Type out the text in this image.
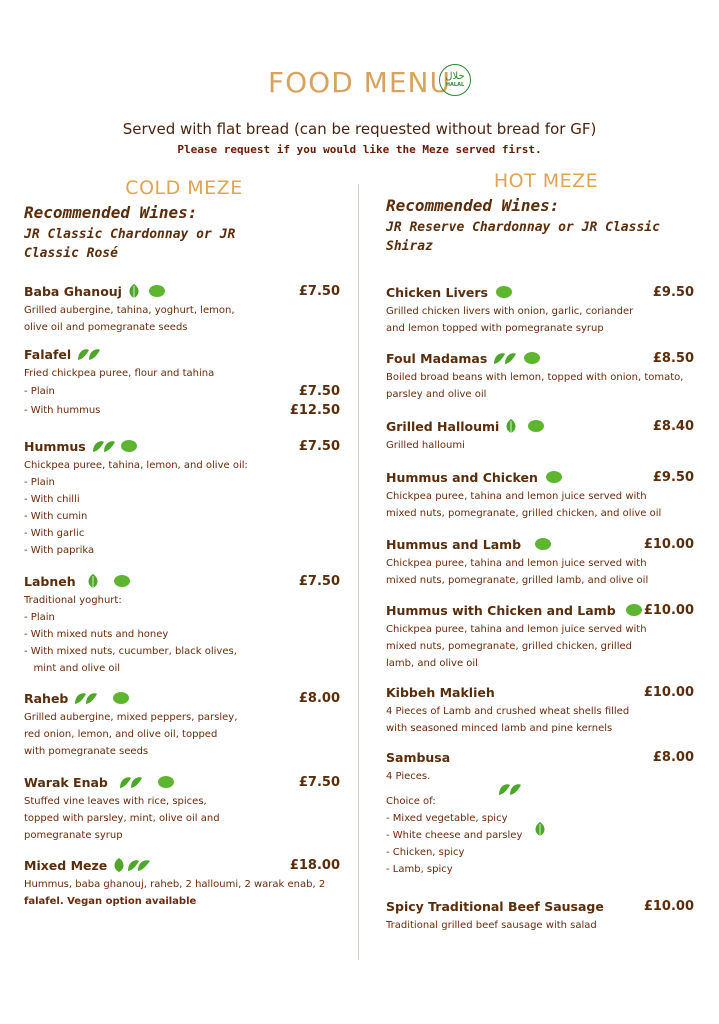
FOOD MENU
حلال
HALAL
Served with flat bread (can be requested without bread for GF)
Please request if you would like the Meze served first.
COLD MEZE
Recommended Wines:
JR Classic Chardonnay or JR
Classic Rosé
Baba Ghanouj	£7.50
Grilled aubergine, tahina, yoghurt, lemon,
olive oil and pomegranate seeds
Falafel
Fried chickpea puree, flour and tahina
- Plain	£7.50
- With hummus	£12.50
Hummus	£7.50
Chickpea puree, tahina, lemon, and olive oil:
- Plain
- With chilli
- With cumin
- With garlic
- With paprika
Labneh	£7.50
Traditional yoghurt:
- Plain
- With mixed nuts and honey
- With mixed nuts, cucumber, black olives,
mint and olive oil
Raheb	£8.00
Grilled aubergine, mixed peppers, parsley,
red onion, lemon, and olive oil, topped
with pomegranate seeds
Warak Enab	£7.50
Stuffed vine leaves with rice, spices,
topped with parsley, mint, olive oil and
pomegranate syrup
Mixed Meze	£18.00
Hummus, baba ghanouj, raheb, 2 halloumi, 2 warak enab, 2
falafel. Vegan option available
HOT MEZE
Recommended Wines:
JR Reserve Chardonnay or JR Classic
Shiraz
Chicken Livers	£9.50
Grilled chicken livers with onion, garlic, coriander
and lemon topped with pomegranate syrup
Foul Madamas	£8.50
Boiled broad beans with lemon, topped with onion, tomato,
parsley and olive oil
Grilled Halloumi	£8.40
Grilled halloumi
Hummus and Chicken	£9.50
Chickpea puree, tahina and lemon juice served with
mixed nuts, pomegranate, grilled chicken, and olive oil
Hummus and Lamb	£10.00
Chickpea puree, tahina and lemon juice served with
mixed nuts, pomegranate, grilled lamb, and olive oil
Hummus with Chicken and Lamb £10.00
Chickpea puree, tahina and lemon juice served with
mixed nuts, pomegranate, grilled chicken, grilled
lamb, and olive oil
Kibbeh Maklieh	£10.00
4 Pieces of Lamb and crushed wheat shells filled
with seasoned minced lamb and pine kernels
Sambusa	£8.00
4 Pieces.
Choice of:
- Mixed vegetable, spicy
- White cheese and parsley
- Chicken, spicy
- Lamb, spicy
Spicy Traditional Beef Sausage	£10.00
Traditional grilled beef sausage with salad
